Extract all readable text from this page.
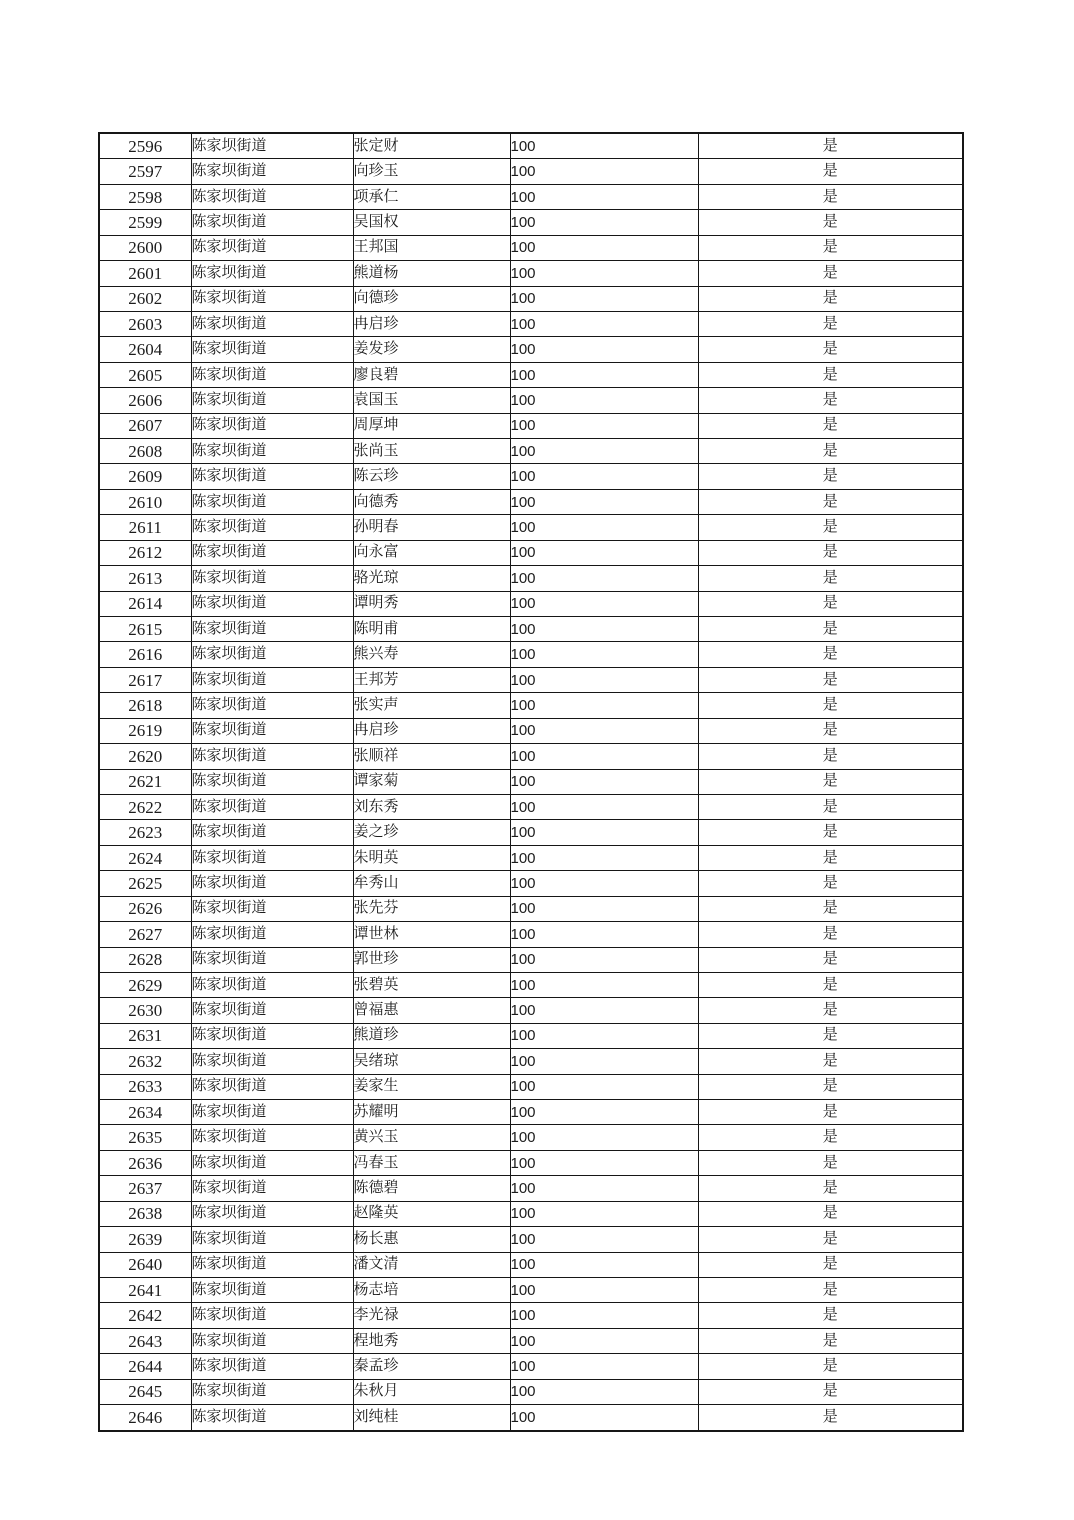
2596	陈家坝街道	张定财	100	是
2597	陈家坝街道	向珍玉	100	是
2598	陈家坝街道	项承仁	100	是
2599	陈家坝街道	吴国权	100	是
2600	陈家坝街道	王邦国	100	是
2601	陈家坝街道	熊道杨	100	是
2602	陈家坝街道	向德珍	100	是
2603	陈家坝街道	冉启珍	100	是
2604	陈家坝街道	姜发珍	100	是
2605	陈家坝街道	廖良碧	100	是
2606	陈家坝街道	袁国玉	100	是
2607	陈家坝街道	周厚坤	100	是
2608	陈家坝街道	张尚玉	100	是
2609	陈家坝街道	陈云珍	100	是
2610	陈家坝街道	向德秀	100	是
2611	陈家坝街道	孙明春	100	是
2612	陈家坝街道	向永富	100	是
2613	陈家坝街道	骆光琼	100	是
2614	陈家坝街道	谭明秀	100	是
2615	陈家坝街道	陈明甫	100	是
2616	陈家坝街道	熊兴寿	100	是
2617	陈家坝街道	王邦芳	100	是
2618	陈家坝街道	张实声	100	是
2619	陈家坝街道	冉启珍	100	是
2620	陈家坝街道	张顺祥	100	是
2621	陈家坝街道	谭家菊	100	是
2622	陈家坝街道	刘东秀	100	是
2623	陈家坝街道	姜之珍	100	是
2624	陈家坝街道	朱明英	100	是
2625	陈家坝街道	牟秀山	100	是
2626	陈家坝街道	张先芬	100	是
2627	陈家坝街道	谭世林	100	是
2628	陈家坝街道	郭世珍	100	是
2629	陈家坝街道	张碧英	100	是
2630	陈家坝街道	曾福惠	100	是
2631	陈家坝街道	熊道珍	100	是
2632	陈家坝街道	吴绪琼	100	是
2633	陈家坝街道	姜家生	100	是
2634	陈家坝街道	苏耀明	100	是
2635	陈家坝街道	黄兴玉	100	是
2636	陈家坝街道	冯春玉	100	是
2637	陈家坝街道	陈德碧	100	是
2638	陈家坝街道	赵隆英	100	是
2639	陈家坝街道	杨长惠	100	是
2640	陈家坝街道	潘文清	100	是
2641	陈家坝街道	杨志培	100	是
2642	陈家坝街道	李光禄	100	是
2643	陈家坝街道	程地秀	100	是
2644	陈家坝街道	秦孟珍	100	是
2645	陈家坝街道	朱秋月	100	是
2646	陈家坝街道	刘纯桂	100	是
